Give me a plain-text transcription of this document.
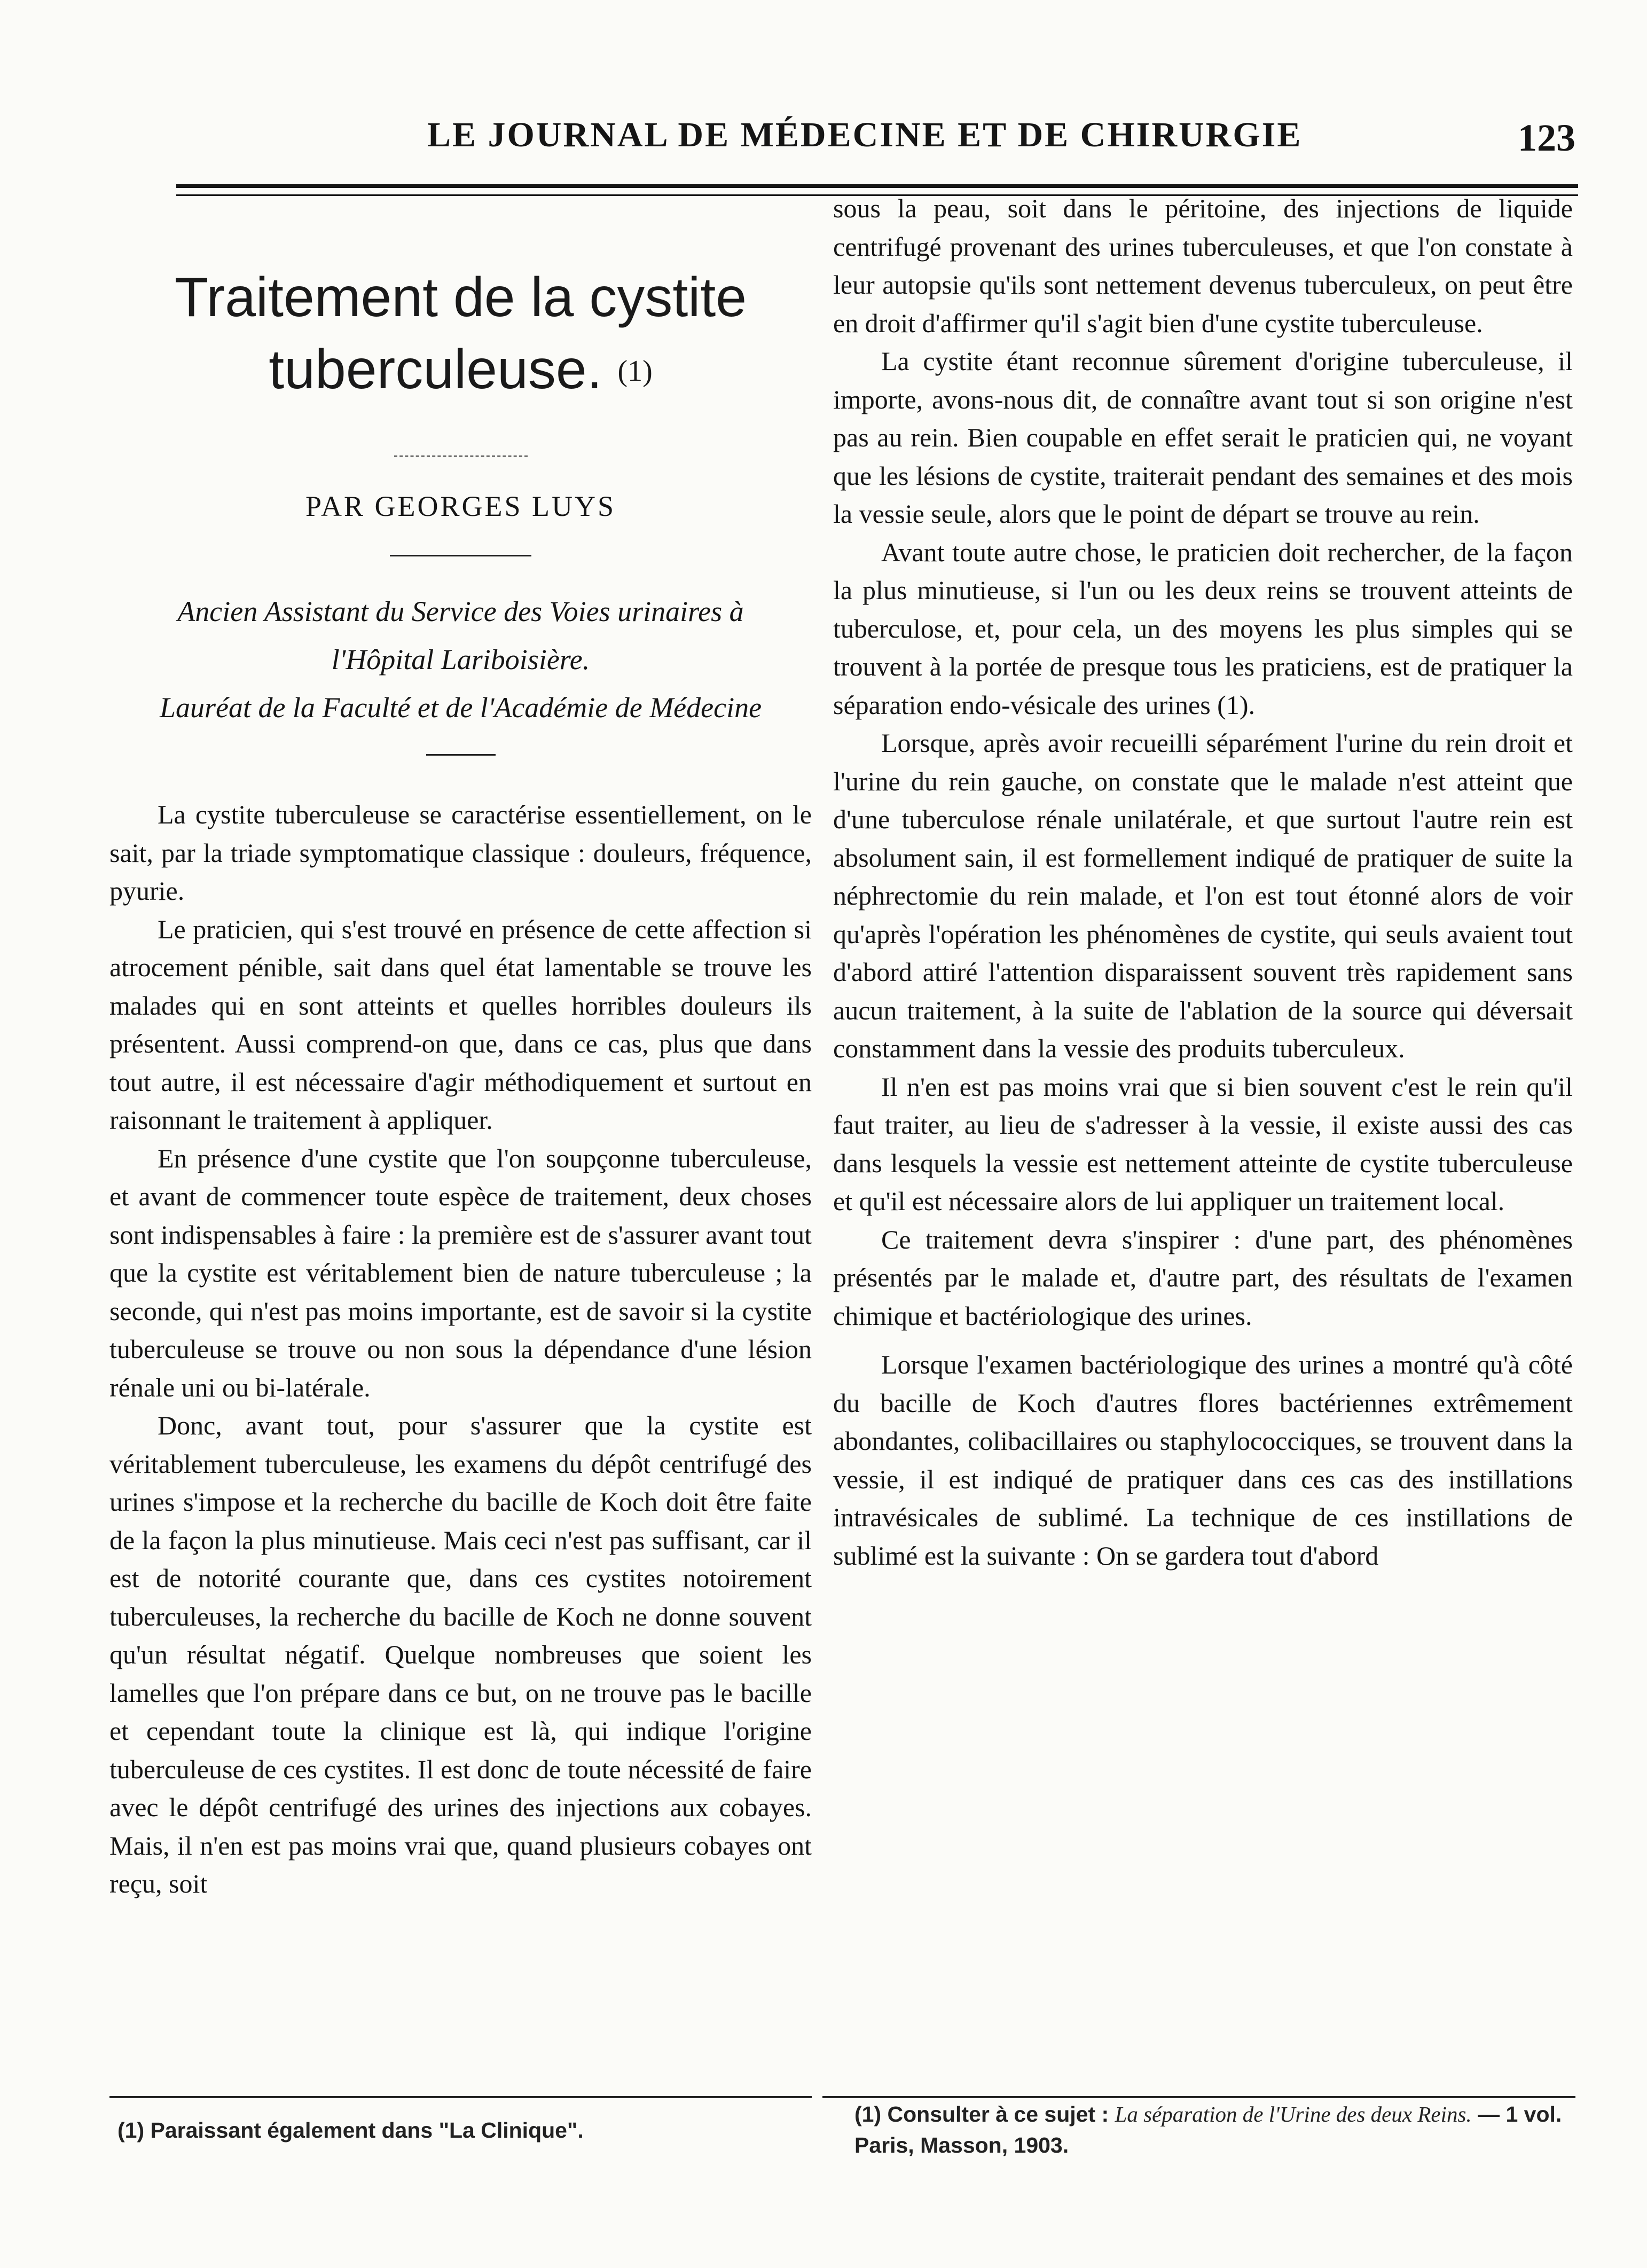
LE JOURNAL DE MÉDECINE ET DE CHIRURGIE	123
Traitement de la cystite
tuberculeuse. (1)

PAR GEORGES LUYS

Ancien Assistant du Service des Voies urinaires à

l'Hôpital Lariboisière.

Lauréat de la Faculté et de l'Académie de Médecine

La cystite tuberculeuse se caractérise essentiellement, on le sait, par la triade symptomatique classique : douleurs, fréquence, pyurie.

Le praticien, qui s'est trouvé en présence de cette affection si atrocement pénible, sait dans quel état lamentable se trouve les malades qui en sont atteints et quelles horribles douleurs ils présentent. Aussi comprend-on que, dans ce cas, plus que dans tout autre, il est nécessaire d'agir méthodiquement et surtout en raisonnant le traitement à appliquer.

En présence d'une cystite que l'on soupçonne tuberculeuse, et avant de commencer toute espèce de traitement, deux choses sont indispensables à faire : la première est de s'assurer avant tout que la cystite est véritablement bien de nature tuberculeuse ; la seconde, qui n'est pas moins importante, est de savoir si la cystite tuberculeuse se trouve ou non sous la dépendance d'une lésion rénale uni ou bi-latérale.

Donc, avant tout, pour s'assurer que la cystite est véritablement tuberculeuse, les examens du dépôt centrifugé des urines s'impose et la recherche du bacille de Koch doit être faite de la façon la plus minutieuse. Mais ceci n'est pas suffisant, car il est de notorité courante que, dans ces cystites notoirement tuberculeuses, la recherche du bacille de Koch ne donne souvent qu'un résultat négatif. Quelque nombreuses que soient les lamelles que l'on prépare dans ce but, on ne trouve pas le bacille et cependant toute la clinique est là, qui indique l'origine tuberculeuse de ces cystites. Il est donc de toute nécessité de faire avec le dépôt centrifugé des urines des injections aux cobayes. Mais, il n'en est pas moins vrai que, quand plusieurs cobayes ont reçu, soit

(1) Paraissant également dans "La Clinique".

sous la peau, soit dans le péritoine, des injections de liquide centrifugé provenant des urines tuberculeuses, et que l'on constate à leur autopsie qu'ils sont nettement devenus tuberculeux, on peut être en droit d'affirmer qu'il s'agit bien d'une cystite tuberculeuse.

La cystite étant reconnue sûrement d'origine tuberculeuse, il importe, avons-nous dit, de connaître avant tout si son origine n'est pas au rein. Bien coupable en effet serait le praticien qui, ne voyant que les lésions de cystite, traiterait pendant des semaines et des mois la vessie seule, alors que le point de départ se trouve au rein.

Avant toute autre chose, le praticien doit rechercher, de la façon la plus minutieuse, si l'un ou les deux reins se trouvent atteints de tuberculose, et, pour cela, un des moyens les plus simples qui se trouvent à la portée de presque tous les praticiens, est de pratiquer la séparation endo-vésicale des urines (1).

Lorsque, après avoir recueilli séparément l'urine du rein droit et l'urine du rein gauche, on constate que le malade n'est atteint que d'une tuberculose rénale unilatérale, et que surtout l'autre rein est absolument sain, il est formellement indiqué de pratiquer de suite la néphrectomie du rein malade, et l'on est tout étonné alors de voir qu'après l'opération les phénomènes de cystite, qui seuls avaient tout d'abord attiré l'attention disparaissent souvent très rapidement sans aucun traitement, à la suite de l'ablation de la source qui déversait constamment dans la vessie des produits tuberculeux.

Il n'en est pas moins vrai que si bien souvent c'est le rein qu'il faut traiter, au lieu de s'adresser à la vessie, il existe aussi des cas dans lesquels la vessie est nettement atteinte de cystite tuberculeuse et qu'il est nécessaire alors de lui appliquer un traitement local.

Ce traitement devra s'inspirer : d'une part, des phénomènes présentés par le malade et, d'autre part, des résultats de l'examen chimique et bactériologique des urines.

Lorsque l'examen bactériologique des urines a montré qu'à côté du bacille de Koch d'autres flores bactériennes extrêmement abondantes, colibacillaires ou staphylococciques, se trouvent dans la vessie, il est indiqué de pratiquer dans ces cas des instillations intravésicales de sublimé. La technique de ces instillations de sublimé est la suivante : On se gardera tout d'abord

(1) Consulter à ce sujet : La séparation de l'Urine des deux Reins. — 1 vol. Paris, Masson, 1903.
